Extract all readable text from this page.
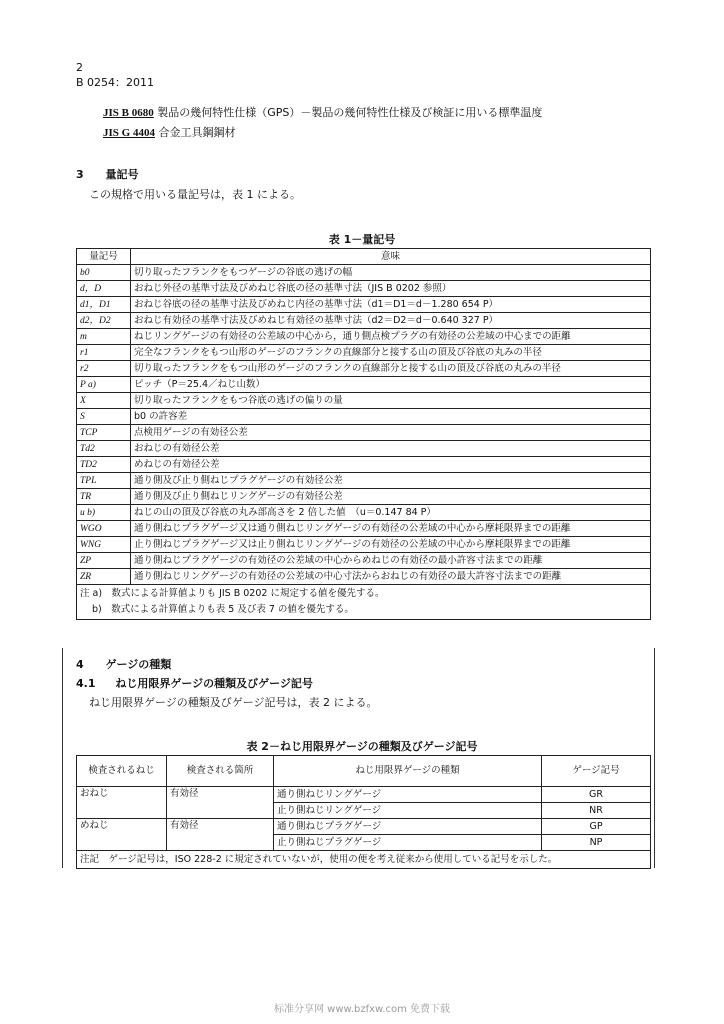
2
B 0254：2011
JIS B 0680 製品の幾何特性仕様（GPS）－製品の幾何特性仕様及び検証に用いる標準温度
JIS G 4404 合金工具鋼鋼材
3 量記号
この規格で用いる量記号は，表 1 による。
表 1－量記号
量記号	意味
b0	切り取ったフランクをもつゲージの谷底の逃げの幅
d，D	おねじ外径の基準寸法及びめねじ谷底の径の基準寸法（JIS B 0202 参照）
d1，D1	おねじ谷底の径の基準寸法及びめねじ内径の基準寸法（d1＝D1＝d－1.280 654 P）
d2，D2	おねじ有効径の基準寸法及びめねじ有効径の基準寸法（d2＝D2＝d－0.640 327 P）
m	ねじリングゲージの有効径の公差域の中心から，通り側点検プラグの有効径の公差域の中心までの距離
r1	完全なフランクをもつ山形のゲージのフランクの直線部分と接する山の頂及び谷底の丸みの半径
r2	切り取ったフランクをもつ山形のゲージのフランクの直線部分と接する山の頂及び谷底の丸みの半径
P a)	ピッチ（P＝25.4／ねじ山数）
X	切り取ったフランクをもつ谷底の逃げの偏りの量
S	b0 の許容差
TCP	点検用ゲージの有効径公差
Td2	おねじの有効径公差
TD2	めねじの有効径公差
TPL	通り側及び止り側ねじプラグゲージの有効径公差
TR	通り側及び止り側ねじリングゲージの有効径公差
u b)	ねじの山の頂及び谷底の丸み部高さを 2 倍した値　（u＝0.147 84 P）
WGO	通り側ねじプラグゲージ又は通り側ねじリングゲージの有効径の公差域の中心から摩耗限界までの距離
WNG	止り側ねじプラグゲージ又は止り側ねじリングゲージの有効径の公差域の中心から摩耗限界までの距離
ZP	通り側ねじプラグゲージの有効径の公差域の中心からめねじの有効径の最小許容寸法までの距離
ZR	通り側ねじリングゲージの有効径の公差域の中心寸法からおねじの有効径の最大許容寸法までの距離

注 a)　数式による計算値よりも JIS B 0202 に規定する値を優先する。
b)　数式による計算値よりも表 5 及び表 7 の値を優先する。	
4 ゲージの種類
4.1 ねじ用限界ゲージの種類及びゲージ記号
ねじ用限界ゲージの種類及びゲージ記号は，表 2 による。
表 2－ねじ用限界ゲージの種類及びゲージ記号
検査されるねじ	検査される箇所	ねじ用限界ゲージの種類	ゲージ記号
おねじ	有効径	通り側ねじリングゲージ	GR
		止り側ねじリングゲージ	NR
めねじ	有効径	通り側ねじプラグゲージ	GP
		止り側ねじプラグゲージ	NP
注記　ゲージ記号は，ISO 228-2 に規定されていないが，使用の便を考え従来から使用している記号を示した。			
标准分享网 www.bzfxw.com 免费下载
